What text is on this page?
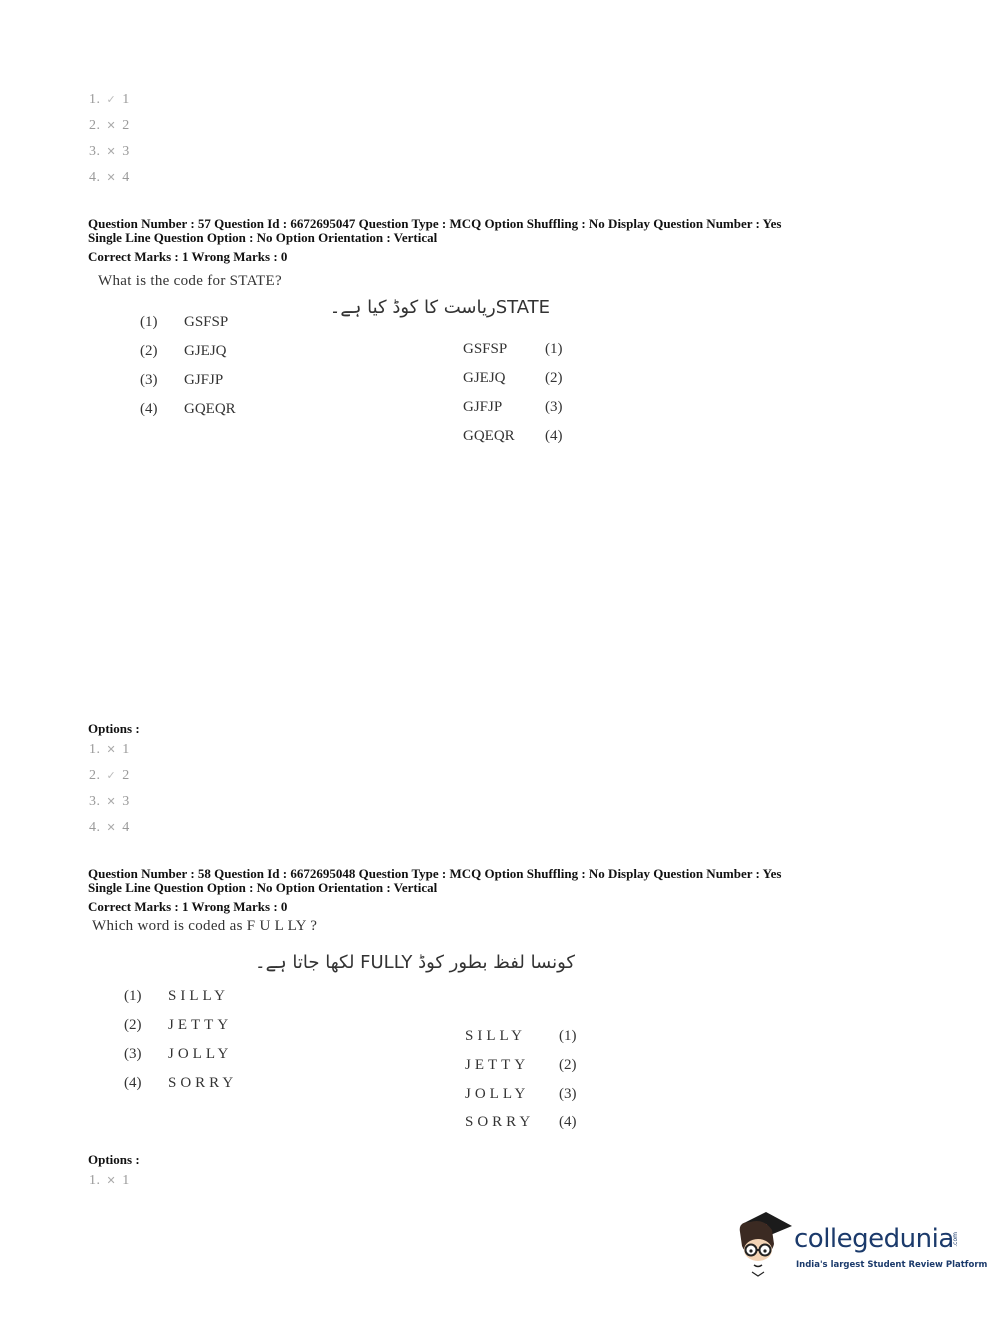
1. ✓ 1
2. ✕ 2
3. ✕ 3
4. ✕ 4
Question Number : 57 Question Id : 6672695047 Question Type : MCQ Option Shuffling : No Display Question Number : Yes
Single Line Question Option : No Option Orientation : Vertical
Correct Marks : 1 Wrong Marks : 0
What is the code for STATE?
STATEریاست کا کوڈ کیا ہے۔
(1) GSFSP
(2) GJEJQ
(3) GJFJP
(4) GQEQR
GSFSP	(1)
GJEJQ	(2)
GJFJP	(3)
GQEQR (4)
Options :
1. ✕ 1
2. ✓ 2
3. ✕ 3
4. ✕ 4
Question Number : 58 Question Id : 6672695048 Question Type : MCQ Option Shuffling : No Display Question Number : Yes
Single Line Question Option : No Option Orientation : Vertical
Correct Marks : 1 Wrong Marks : 0
Which word is coded as F U L LY ?
کونسا لفظ بطور کوڈ FULLY لکھا جاتا ہے۔
(1) SILLY
(2) JETTY
(3) JOLLY
(4) SORRY
SILLY (1)
JETTY (2)
JOLLY (3)
SORRY (4)
Options :
1. ✕ 1
collegedunia
.com
India's largest Student Review Platform
